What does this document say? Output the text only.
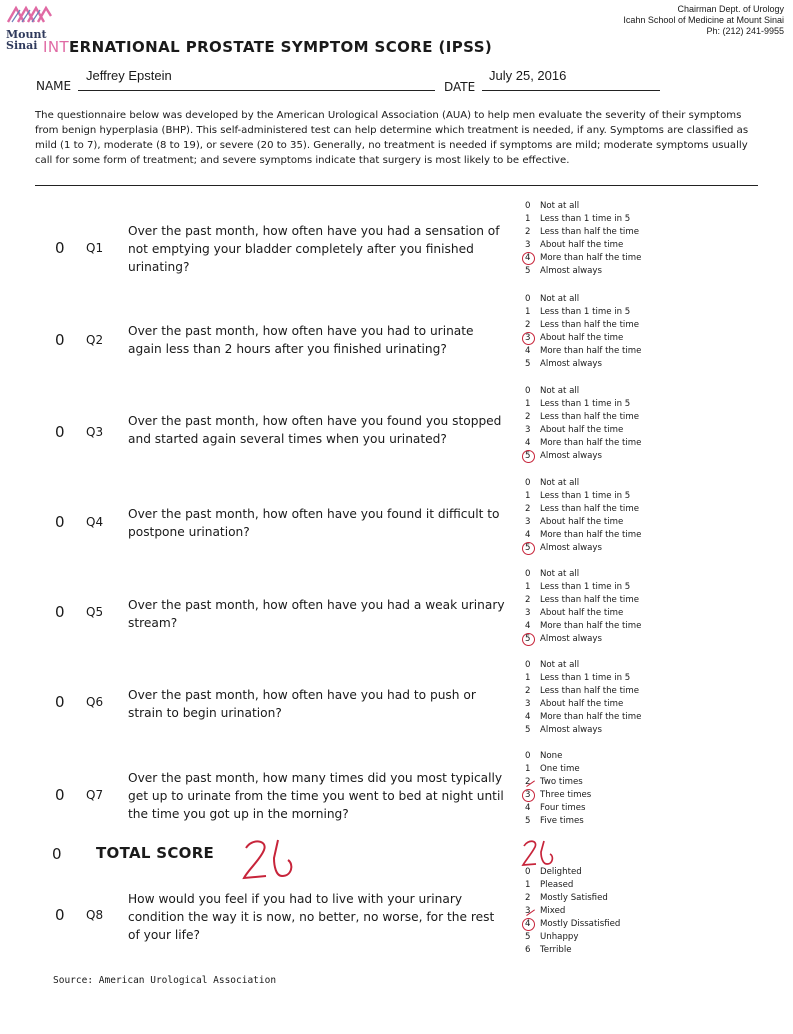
Mount
Sinai INTERNATIONAL PROSTATE SYMPTOM SCORE (IPSS)
Chairman Dept. of Urology
Icahn School of Medicine at Mount Sinai
Ph: (212) 241-9955
NAME
Jeffrey Epstein
DATE
July 25, 2016
The questionnaire below was developed by the American Urological Association (AUA) to help men evaluate the severity of their symptoms from benign hyperplasia (BHP). This self-administered test can help determine which treatment is needed, if any. Symptoms are classified as mild (1 to 7), moderate (8 to 19), or severe (20 to 35). Generally, no treatment is needed if symptoms are mild; moderate symptoms usually call for some form of treatment; and severe symptoms indicate that surgery is most likely to be effective.
0 Q1
Over the past month, how often have you had a sensation of not emptying your bladder completely after you finished urinating?
0 Not at all
1 Less than 1 time in 5
2 Less than half the time
3 About half the time
4 More than half the time
5 Almost always
0 Q2
Over the past month, how often have you had to urinate again less than 2 hours after you finished urinating?
0 Not at all
1 Less than 1 time in 5
2 Less than half the time
3 About half the time
4 More than half the time
5 Almost always
0 Q3
Over the past month, how often have you found you stopped and started again several times when you urinated?
0 Not at all
1 Less than 1 time in 5
2 Less than half the time
3 About half the time
4 More than half the time
5 Almost always
0 Q4
Over the past month, how often have you found it difficult to postpone urination?
0 Not at all
1 Less than 1 time in 5
2 Less than half the time
3 About half the time
4 More than half the time
5 Almost always
0 Q5 Over the past month, how often have you had a weak urinary stream?
0 Not at all
1 Less than 1 time in 5
2 Less than half the time
3 About half the time
4 More than half the time
5 Almost always
0 Q6 Over the past month, how often have you had to push or strain to begin urination?
0 Not at all
1 Less than 1 time in 5
2 Less than half the time
3 About half the time
4 More than half the time
5 Almost always
0 Q7
Over the past month, how many times did you most typically get up to urinate from the time you went to bed at night until the time you got up in the morning?
0 None
1 One time
2 Two times
3 Three times
4 Four times
5 Five times
0 Q8
How would you feel if you had to live with your urinary condition the way it is now, no better, no worse, for the rest of your life?
0 Delighted
1 Pleased
2 Mostly Satisfied
3 Mixed
4 Mostly Dissatisfied
5 Unhappy
6 Terrible
0 TOTAL SCORE
Source: American Urological Association
